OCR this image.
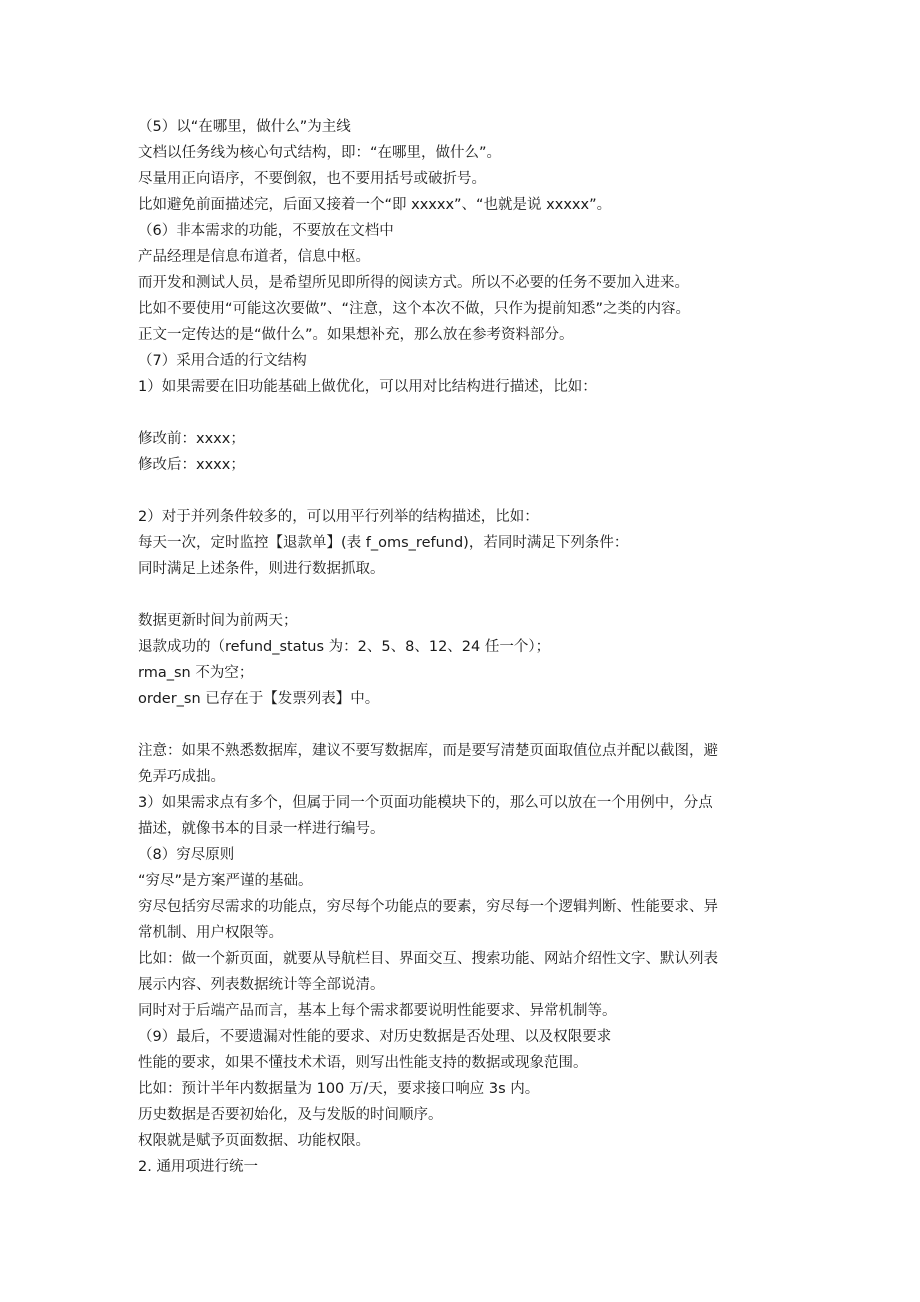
（5）以“在哪里，做什么”为主线
文档以任务线为核心句式结构，即：“在哪里，做什么”。
尽量用正向语序，不要倒叙，也不要用括号或破折号。
比如避免前面描述完，后面又接着一个“即 xxxxx”、“也就是说 xxxxx”。
（6）非本需求的功能，不要放在文档中
产品经理是信息布道者，信息中枢。
而开发和测试人员，是希望所见即所得的阅读方式。所以不必要的任务不要加入进来。
比如不要使用“可能这次要做”、“注意，这个本次不做，只作为提前知悉”之类的内容。
正文一定传达的是“做什么”。如果想补充，那么放在参考资料部分。
（7）采用合适的行文结构
1）如果需要在旧功能基础上做优化，可以用对比结构进行描述，比如：
修改前：xxxx；
修改后：xxxx；
2）对于并列条件较多的，可以用平行列举的结构描述，比如：
每天一次，定时监控【退款单】(表 f_oms_refund)，若同时满足下列条件：
同时满足上述条件，则进行数据抓取。
数据更新时间为前两天；
退款成功的（refund_status 为：2、5、8、12、24 任一个）；
rma_sn 不为空；
order_sn 已存在于【发票列表】中。
注意：如果不熟悉数据库，建议不要写数据库，而是要写清楚页面取值位点并配以截图，避
免弄巧成拙。
3）如果需求点有多个，但属于同一个页面功能模块下的，那么可以放在一个用例中，分点
描述，就像书本的目录一样进行编号。
（8）穷尽原则
“穷尽”是方案严谨的基础。
穷尽包括穷尽需求的功能点，穷尽每个功能点的要素，穷尽每一个逻辑判断、性能要求、异
常机制、用户权限等。
比如：做一个新页面，就要从导航栏目、界面交互、搜索功能、网站介绍性文字、默认列表
展示内容、列表数据统计等全部说清。
同时对于后端产品而言，基本上每个需求都要说明性能要求、异常机制等。
（9）最后，不要遗漏对性能的要求、对历史数据是否处理、以及权限要求
性能的要求，如果不懂技术术语，则写出性能支持的数据或现象范围。
比如：预计半年内数据量为 100 万/天，要求接口响应 3s 内。
历史数据是否要初始化，及与发版的时间顺序。
权限就是赋予页面数据、功能权限。
2. 通用项进行统一
